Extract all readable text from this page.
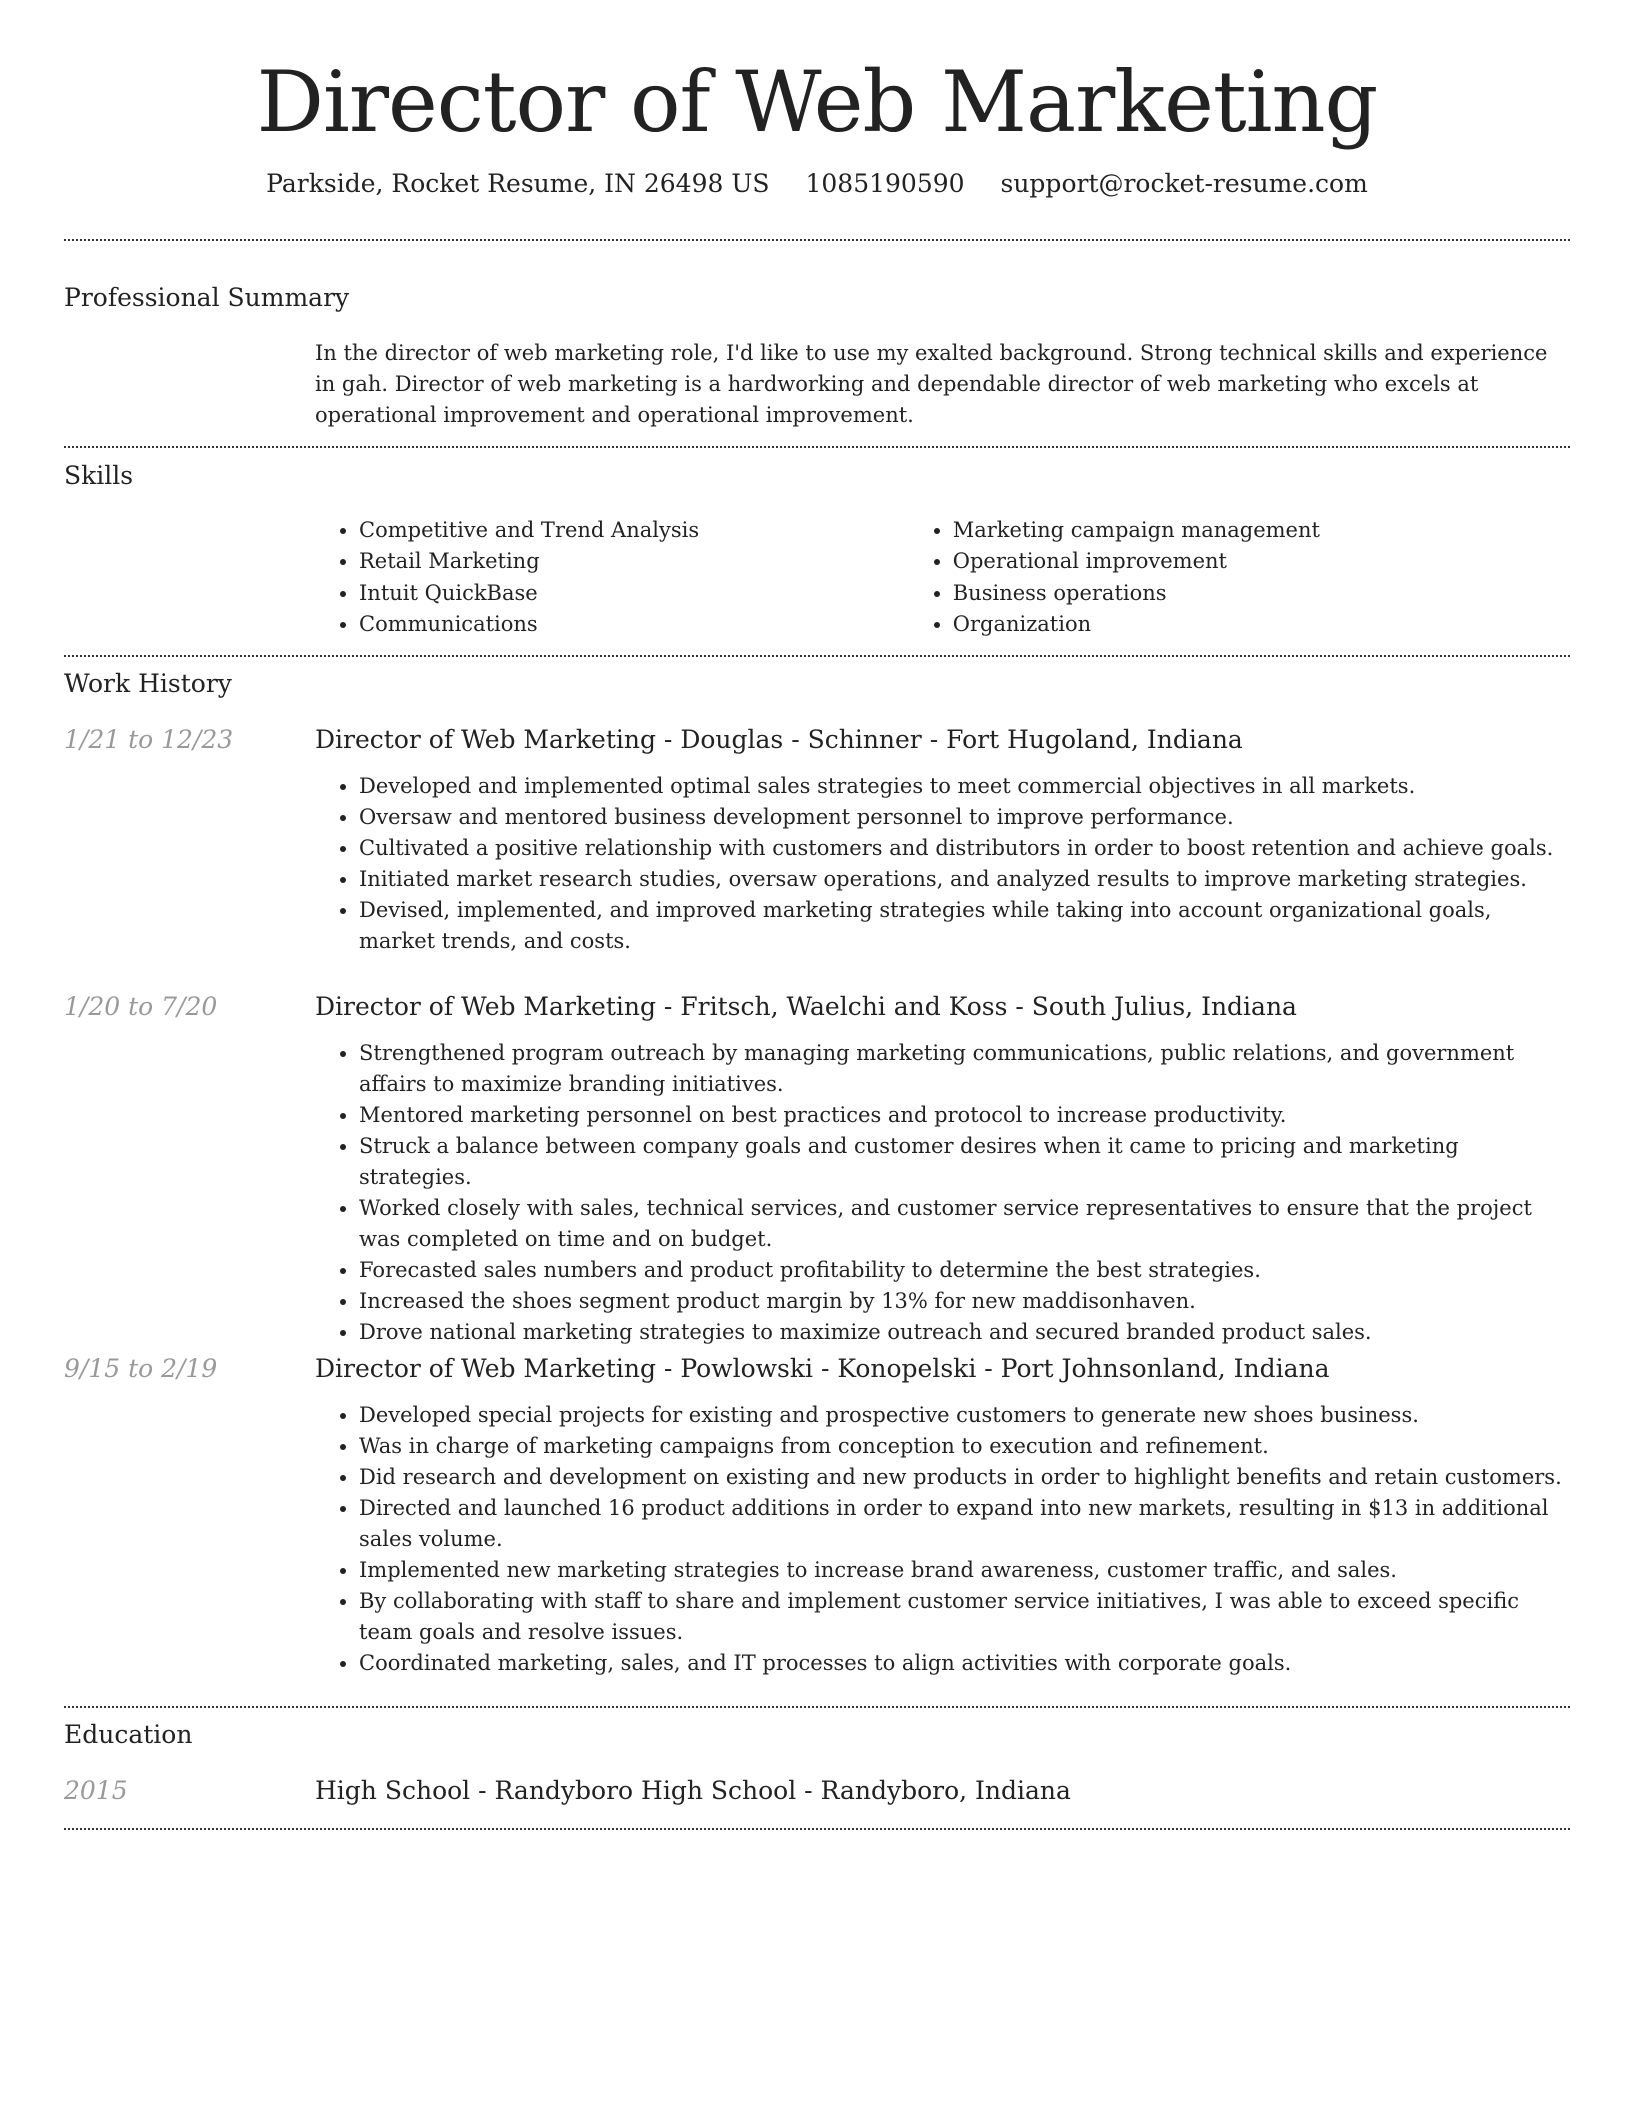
Director of Web Marketing
Parkside, Rocket Resume, IN 26498 US 1085190590 support@rocket-resume.com
Professional Summary

In the director of web marketing role, I'd like to use my exalted background. Strong technical skills and experience in gah. Director of web marketing is a hardworking and dependable director of web marketing who excels at operational improvement and operational improvement.

Skills
• Competitive and Trend Analysis
• Retail Marketing
• Intuit QuickBase
• Communications
• Marketing campaign management
• Operational improvement
• Business operations
• Organization
Work History
1/21 to 12/23	Director of Web Marketing - Douglas - Schinner - Fort Hugoland, Indiana

• Developed and implemented optimal sales strategies to meet commercial objectives in all markets.
• Oversaw and mentored business development personnel to improve performance.
• Cultivated a positive relationship with customers and distributors in order to boost retention and achieve goals.
• Initiated market research studies, oversaw operations, and analyzed results to improve marketing strategies.
• Devised, implemented, and improved marketing strategies while taking into account organizational goals, market trends, and costs.
1/20 to 7/20	Director of Web Marketing - Fritsch, Waelchi and Koss - South Julius, Indiana

• Strengthened program outreach by managing marketing communications, public relations, and government affairs to maximize branding initiatives.
• Mentored marketing personnel on best practices and protocol to increase productivity.
• Struck a balance between company goals and customer desires when it came to pricing and marketing strategies.
• Worked closely with sales, technical services, and customer service representatives to ensure that the project was completed on time and on budget.
• Forecasted sales numbers and product profitability to determine the best strategies.
• Increased the shoes segment product margin by 13% for new maddisonhaven.
• Drove national marketing strategies to maximize outreach and secured branded product sales.
9/15 to 2/19	Director of Web Marketing - Powlowski - Konopelski - Port Johnsonland, Indiana

• Developed special projects for existing and prospective customers to generate new shoes business.
• Was in charge of marketing campaigns from conception to execution and refinement.
• Did research and development on existing and new products in order to highlight benefits and retain customers.
• Directed and launched 16 product additions in order to expand into new markets, resulting in $13 in additional sales volume.
• Implemented new marketing strategies to increase brand awareness, customer traffic, and sales.
• By collaborating with staff to share and implement customer service initiatives, I was able to exceed specific team goals and resolve issues.
• Coordinated marketing, sales, and IT processes to align activities with corporate goals.
Education
2015	High School - Randyboro High School - Randyboro, Indiana
